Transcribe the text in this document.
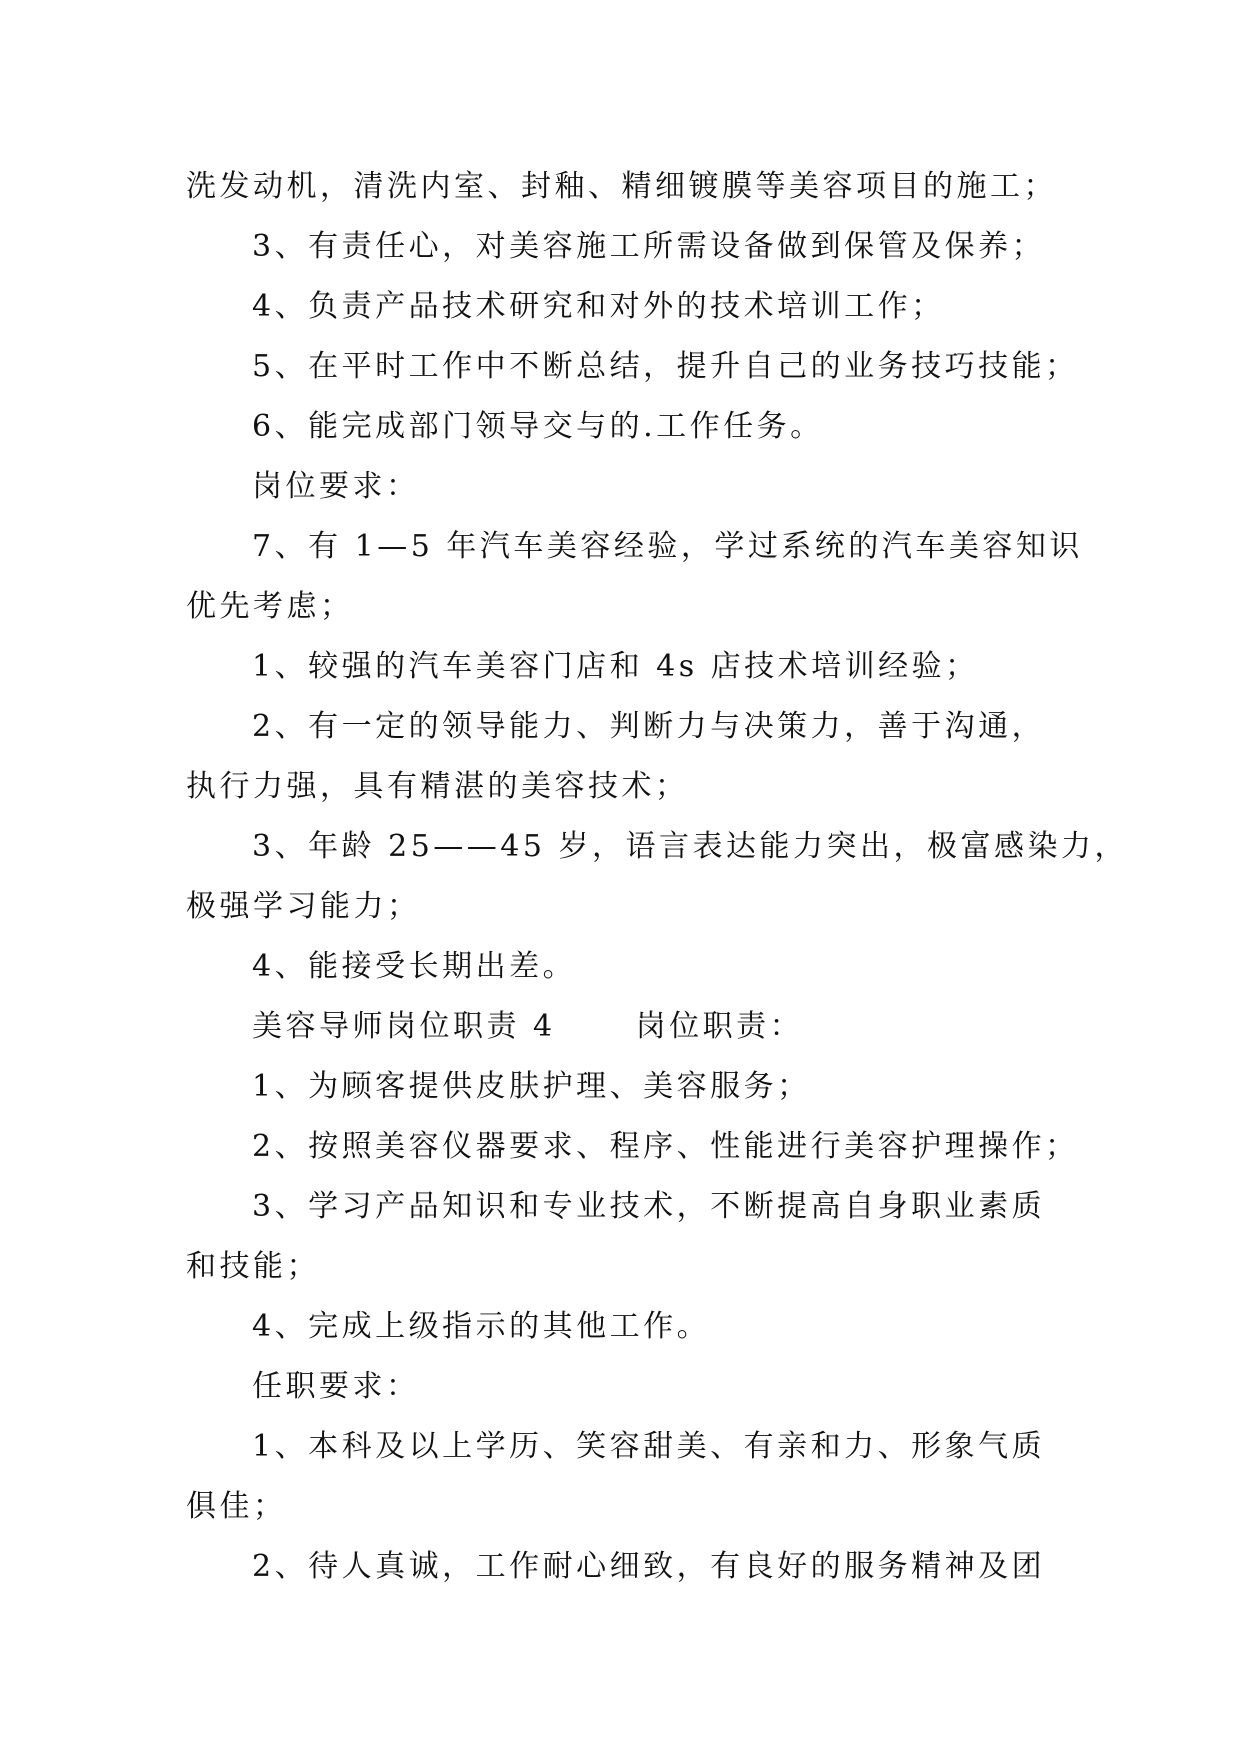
洗发动机，清洗内室、封釉、精细镀膜等美容项目的施工；
3、有责任心，对美容施工所需设备做到保管及保养；
4、负责产品技术研究和对外的技术培训工作；
5、在平时工作中不断总结，提升自己的业务技巧技能；
6、能完成部门领导交与的.工作任务。
岗位要求：
7、有 1—5 年汽车美容经验，学过系统的汽车美容知识
优先考虑；
1、较强的汽车美容门店和 4s 店技术培训经验；
2、有一定的领导能力、判断力与决策力，善于沟通，
执行力强，具有精湛的美容技术；
3、年龄 25——45 岁，语言表达能力突出，极富感染力，
极强学习能力；
4、能接受长期出差。
美容导师岗位职责 4　　 岗位职责：
1、为顾客提供皮肤护理、美容服务；
2、按照美容仪器要求、程序、性能进行美容护理操作；
3、学习产品知识和专业技术，不断提高自身职业素质
和技能；
4、完成上级指示的其他工作。
任职要求：
1、本科及以上学历、笑容甜美、有亲和力、形象气质
俱佳；
2、待人真诚，工作耐心细致，有良好的服务精神及团
